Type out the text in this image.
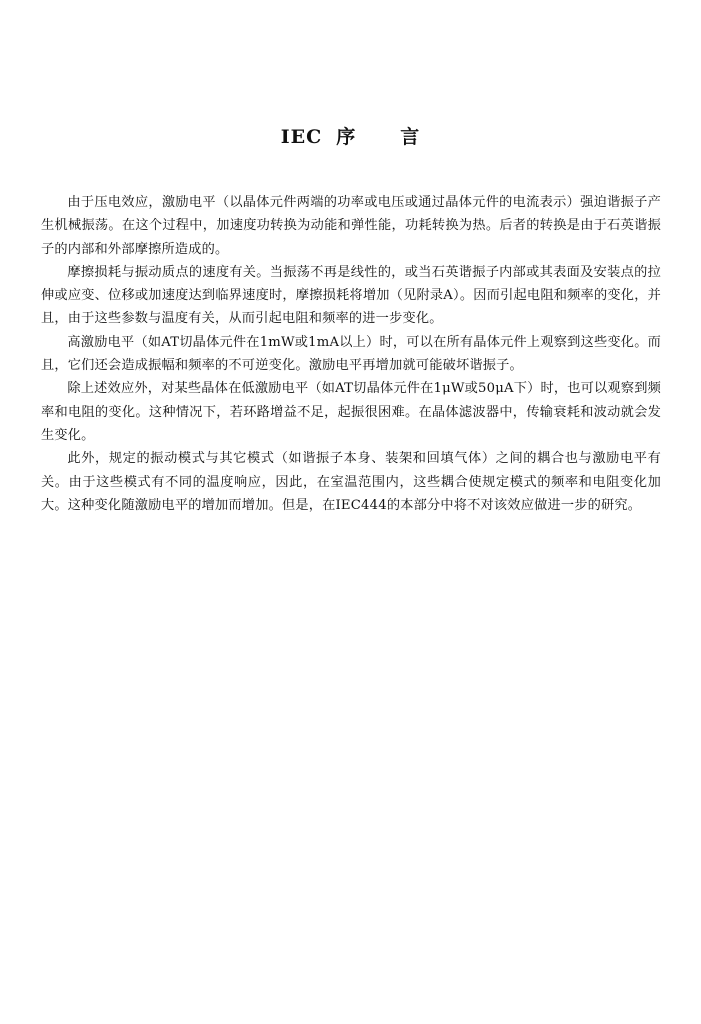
IEC 序 言

由于压电效应，激励电平（以晶体元件两端的功率或电压或通过晶体元件的电流表示）强迫谐振子产生机械振荡。在这个过程中，加速度功转换为动能和弹性能，功耗转换为热。后者的转换是由于石英谐振子的内部和外部摩擦所造成的。

摩擦损耗与振动质点的速度有关。当振荡不再是线性的，或当石英谐振子内部或其表面及安装点的拉伸或应变、位移或加速度达到临界速度时，摩擦损耗将增加（见附录A）。因而引起电阻和频率的变化，并且，由于这些参数与温度有关，从而引起电阻和频率的进一步变化。

高激励电平（如AT切晶体元件在1mW或1mA以上）时，可以在所有晶体元件上观察到这些变化。而且，它们还会造成振幅和频率的不可逆变化。激励电平再增加就可能破坏谐振子。

除上述效应外，对某些晶体在低激励电平（如AT切晶体元件在1μW或50μA下）时，也可以观察到频率和电阻的变化。这种情况下，若环路增益不足，起振很困难。在晶体滤波器中，传输衰耗和波动就会发生变化。

此外，规定的振动模式与其它模式（如谐振子本身、装架和回填气体）之间的耦合也与激励电平有关。由于这些模式有不同的温度响应，因此，在室温范围内，这些耦合使规定模式的频率和电阻变化加大。这种变化随激励电平的增加而增加。但是，在IEC444的本部分中将不对该效应做进一步的研究。
